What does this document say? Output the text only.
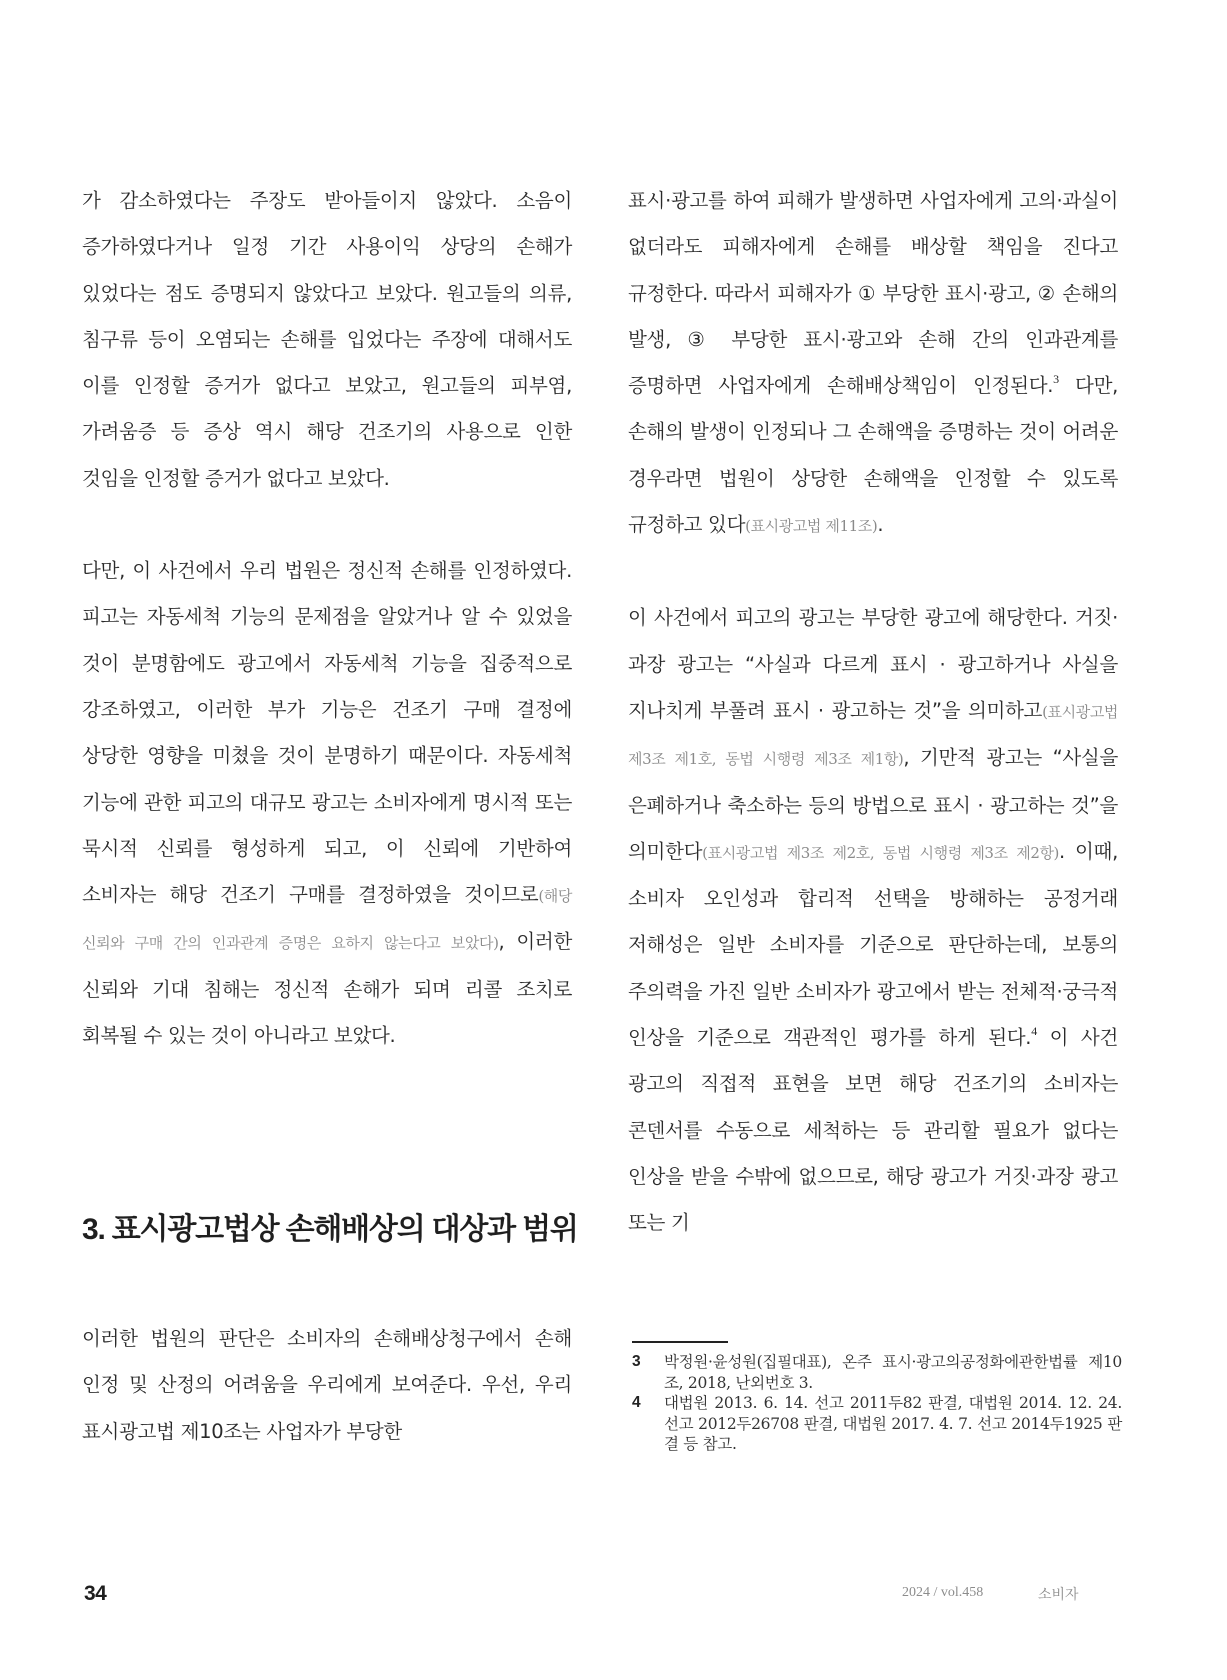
가 감소하였다는 주장도 받아들이지 않았다. 소음이 증가하였다거나 일정 기간 사용이익 상당의 손해가 있었다는 점도 증명되지 않았다고 보았다. 원고들의 의류, 침구류 등이 오염되는 손해를 입었다는 주장에 대해서도 이를 인정할 증거가 없다고 보았고, 원고들의 피부염, 가려움증 등 증상 역시 해당 건조기의 사용으로 인한 것임을 인정할 증거가 없다고 보았다.

다만, 이 사건에서 우리 법원은 정신적 손해를 인정하였다. 피고는 자동세척 기능의 문제점을 알았거나 알 수 있었을 것이 분명함에도 광고에서 자동세척 기능을 집중적으로 강조하였고, 이러한 부가 기능은 건조기 구매 결정에 상당한 영향을 미쳤을 것이 분명하기 때문이다. 자동세척 기능에 관한 피고의 대규모 광고는 소비자에게 명시적 또는 묵시적 신뢰를 형성하게 되고, 이 신뢰에 기반하여 소비자는 해당 건조기 구매를 결정하였을 것이므로(해당 신뢰와 구매 간의 인과관계 증명은 요하지 않는다고 보았다), 이러한 신뢰와 기대 침해는 정신적 손해가 되며 리콜 조치로 회복될 수 있는 것이 아니라고 보았다.

3. 표시광고법상 손해배상의 대상과 범위

이러한 법원의 판단은 소비자의 손해배상청구에서 손해 인정 및 산정의 어려움을 우리에게 보여준다. 우선, 우리 표시광고법 제10조는 사업자가 부당한

표시·광고를 하여 피해가 발생하면 사업자에게 고의·과실이 없더라도 피해자에게 손해를 배상할 책임을 진다고 규정한다. 따라서 피해자가 ① 부당한 표시·광고, ② 손해의 발생, ③ 부당한 표시·광고와 손해 간의 인과관계를 증명하면 사업자에게 손해배상책임이 인정된다.$^3$ 다만, 손해의 발생이 인정되나 그 손해액을 증명하는 것이 어려운 경우라면 법원이 상당한 손해액을 인정할 수 있도록 규정하고 있다(표시광고법 제11조).

이 사건에서 피고의 광고는 부당한 광고에 해당한다. 거짓·과장 광고는 “사실과 다르게 표시 · 광고하거나 사실을 지나치게 부풀려 표시 · 광고하는 것”을 의미하고(표시광고법 제3조 제1호, 동법 시행령 제3조 제1항), 기만적 광고는 “사실을 은폐하거나 축소하는 등의 방법으로 표시 · 광고하는 것”을 의미한다(표시광고법 제3조 제2호, 동법 시행령 제3조 제2항). 이때, 소비자 오인성과 합리적 선택을 방해하는 공정거래 저해성은 일반 소비자를 기준으로 판단하는데, 보통의 주의력을 가진 일반 소비자가 광고에서 받는 전체적·궁극적 인상을 기준으로 객관적인 평가를 하게 된다.$^4$ 이 사건 광고의 직접적 표현을 보면 해당 건조기의 소비자는 콘덴서를 수동으로 세척하는 등 관리할 필요가 없다는 인상을 받을 수밖에 없으므로, 해당 광고가 거짓·과장 광고 또는 기

3	박정원·윤성원(집필대표), 온주 표시·광고의공정화에관한법률 제10조, 2018, 난외번호 3.
4	대법원 2013. 6. 14. 선고 2011두82 판결, 대법원 2014. 12. 24. 선고 2012두26708 판결, 대법원 2017. 4. 7. 선고 2014두1925 판결 등 참고.
34	2024 / vol.458	소비자
